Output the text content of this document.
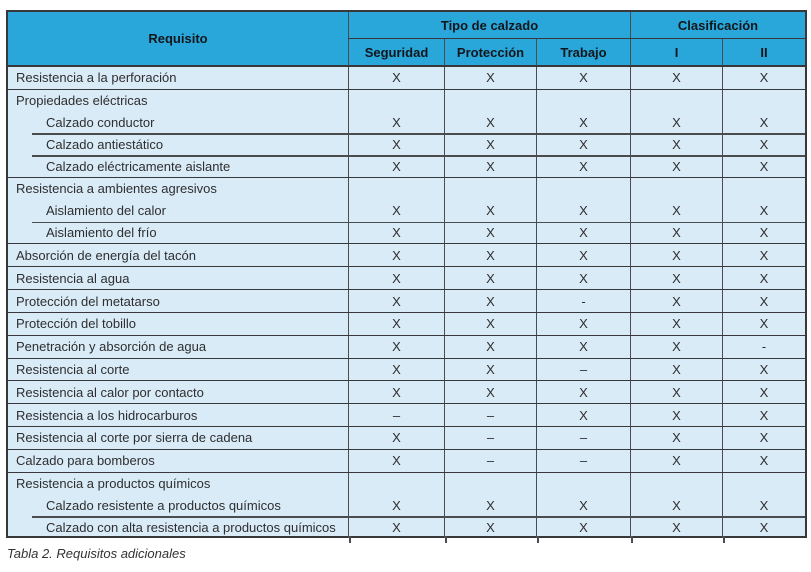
Requisito
Tipo de calzado	Clasificación
Seguridad	Protección	Trabajo	I	II
Resistencia a la perforación	X	X	X	X	X
Propiedades eléctricas
Calzado conductor	X	X	X	X	X
Calzado antiestático	X	X	X	X	X
Calzado eléctricamente aislante	X	X	X	X	X
Resistencia a ambientes agresivos
Aislamiento del calor	X	X	X	X	X
Aislamiento del frío	X	X	X	X	X
Absorción de energía del tacón	X	X	X	X	X
Resistencia al agua	X	X	X	X	X
Protección del metatarso	X	X	-	X	X
Protección del tobillo	X	X	X	X	X
Penetración y absorción de agua	X	X	X	X	-
Resistencia al corte	X	X	–	X	X
Resistencia al calor por contacto	X	X	X	X	X
Resistencia a los hidrocarburos	–	–	X	X	X
Resistencia al corte por sierra de cadena	X	–	–	X	X
Calzado para bomberos	X	–	–	X	X
Resistencia a productos químicos
Calzado resistente a productos químicos	X	X	X	X	X
Calzado con alta resistencia a productos químicos	X	X	X	X	X
Tabla 2. Requisitos adicionales
